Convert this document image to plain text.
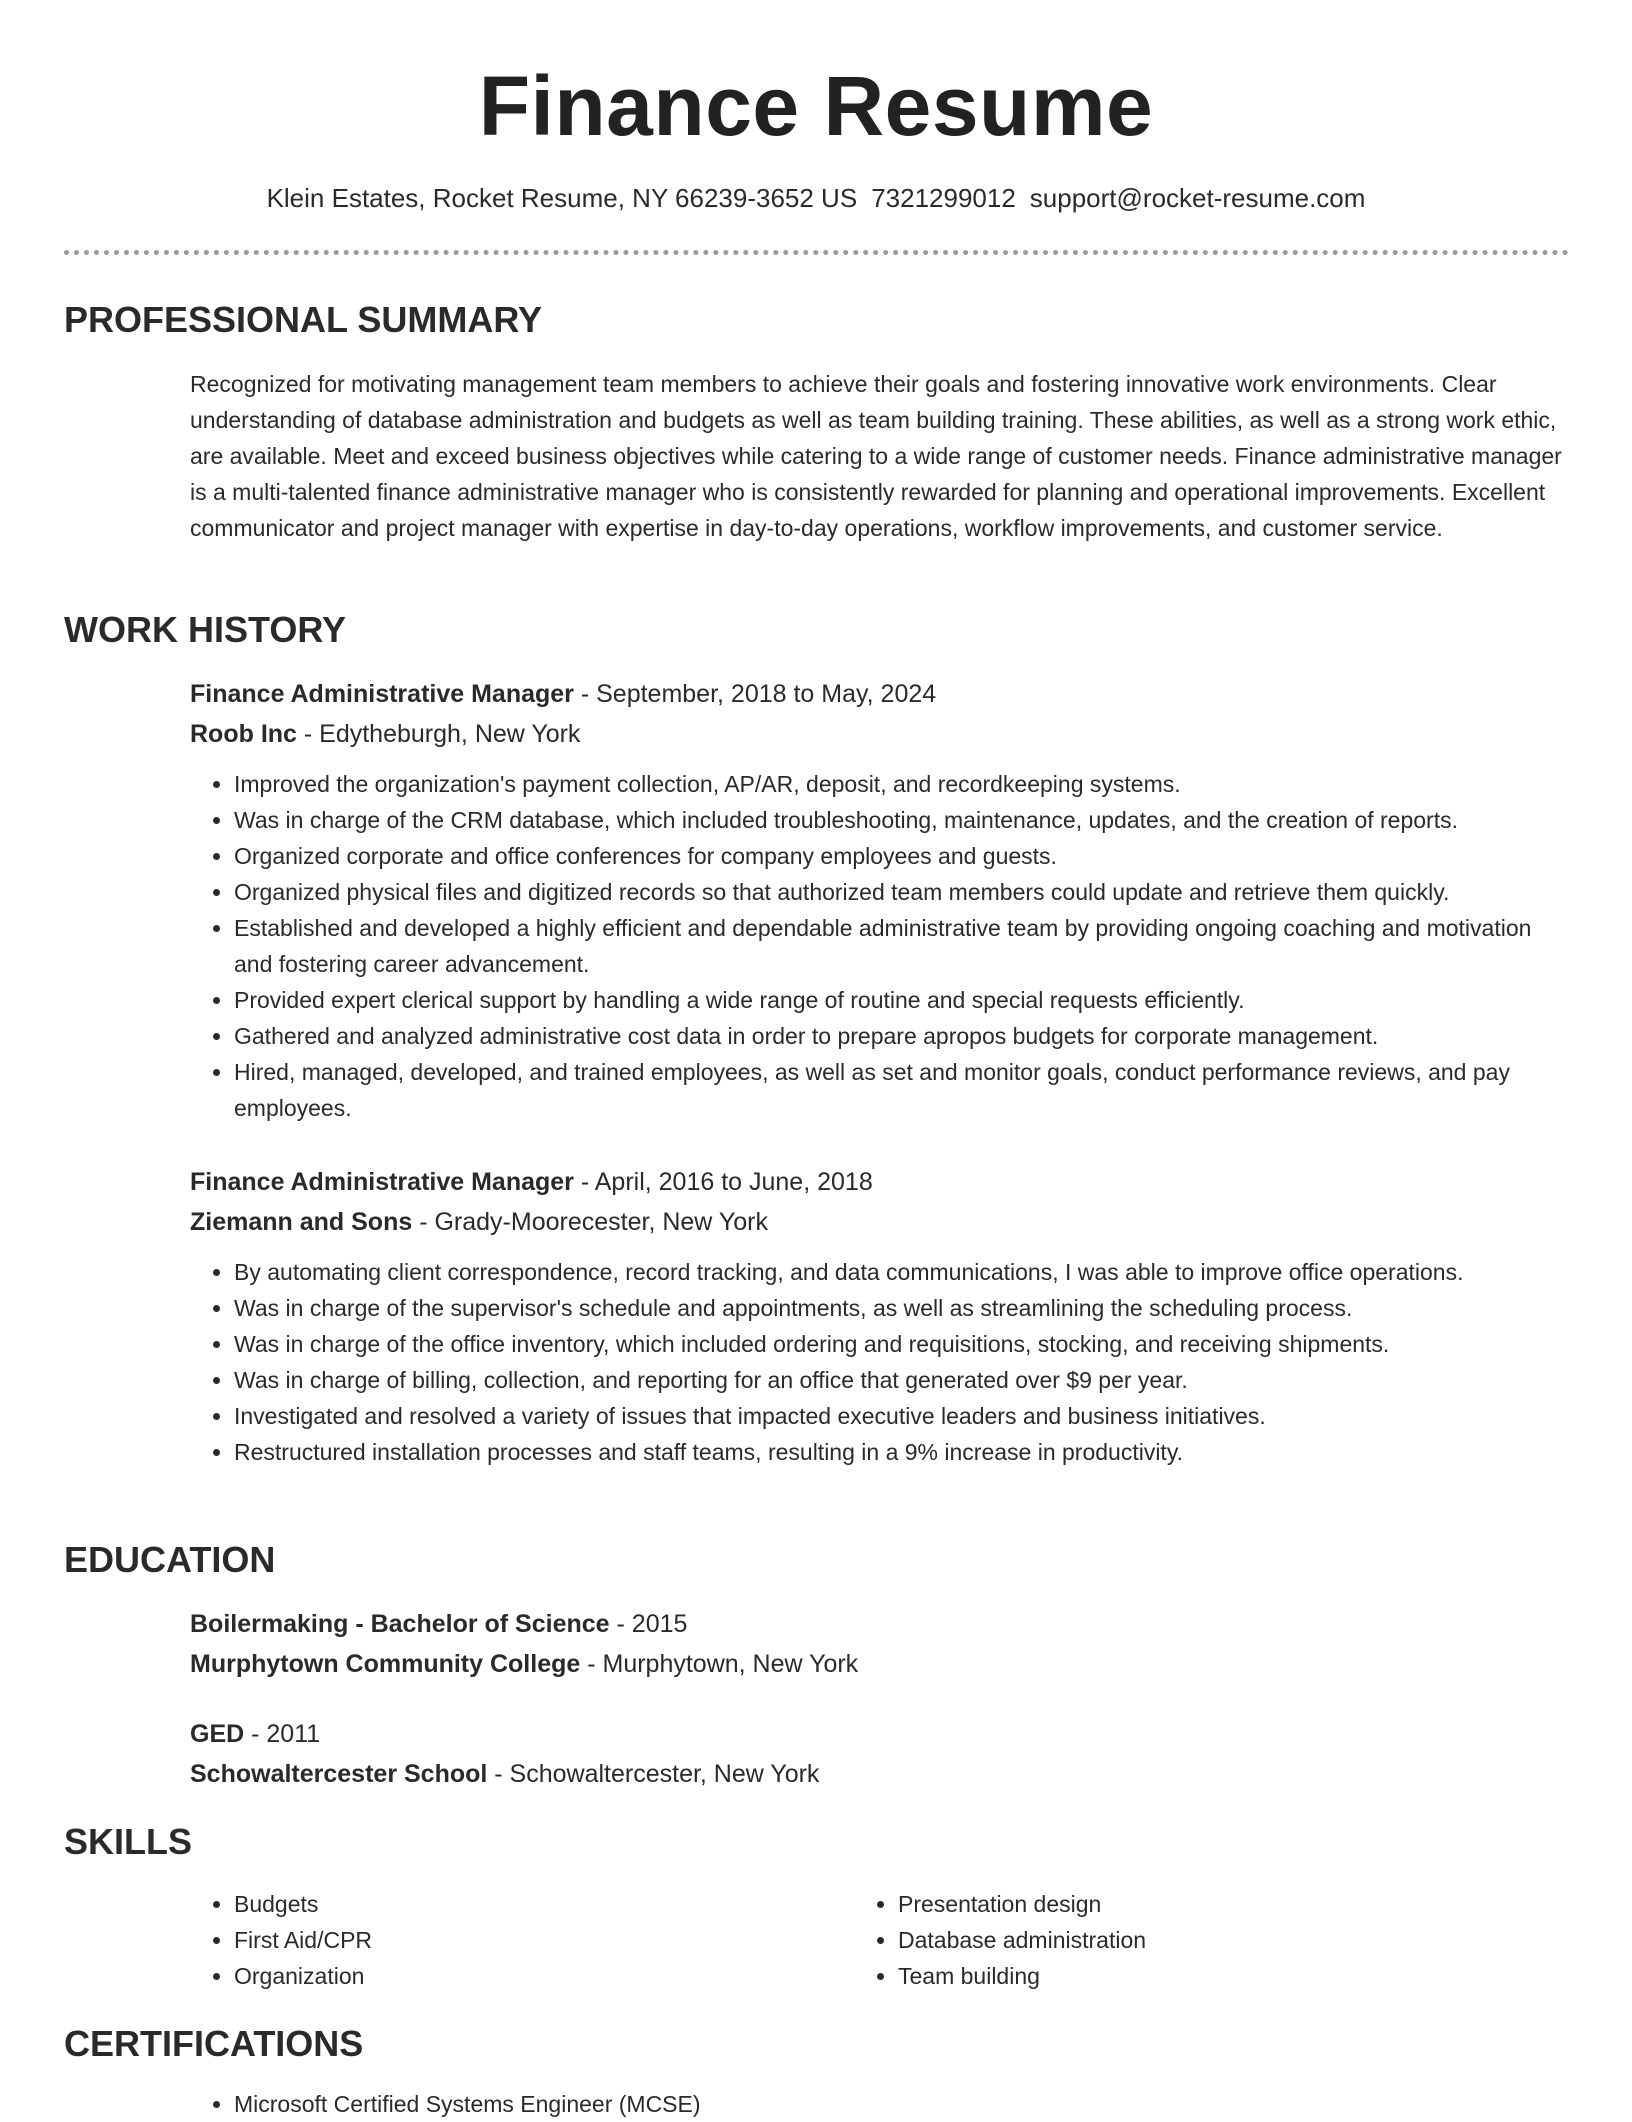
Finance Resume
Klein Estates, Rocket Resume, NY 66239-3652 US 7321299012 support@rocket-resume.com
PROFESSIONAL SUMMARY

Recognized for motivating management team members to achieve their goals and fostering innovative work environments. Clear understanding of database administration and budgets as well as team building training. These abilities, as well as a strong work ethic, are available. Meet and exceed business objectives while catering to a wide range of customer needs. Finance administrative manager is a multi-talented finance administrative manager who is consistently rewarded for planning and operational improvements. Excellent communicator and project manager with expertise in day-to-day operations, workflow improvements, and customer service.

WORK HISTORY

Finance Administrative Manager - September, 2018 to May, 2024

Roob Inc - Edytheburgh, New York

• Improved the organization's payment collection, AP/AR, deposit, and recordkeeping systems.
• Was in charge of the CRM database, which included troubleshooting, maintenance, updates, and the creation of reports.
• Organized corporate and office conferences for company employees and guests.
• Organized physical files and digitized records so that authorized team members could update and retrieve them quickly.
• Established and developed a highly efficient and dependable administrative team by providing ongoing coaching and motivation and fostering career advancement.
• Provided expert clerical support by handling a wide range of routine and special requests efficiently.
• Gathered and analyzed administrative cost data in order to prepare apropos budgets for corporate management.
• Hired, managed, developed, and trained employees, as well as set and monitor goals, conduct performance reviews, and pay employees.

Finance Administrative Manager - April, 2016 to June, 2018

Ziemann and Sons - Grady-Moorecester, New York

• By automating client correspondence, record tracking, and data communications, I was able to improve office operations.
• Was in charge of the supervisor's schedule and appointments, as well as streamlining the scheduling process.
• Was in charge of the office inventory, which included ordering and requisitions, stocking, and receiving shipments.
• Was in charge of billing, collection, and reporting for an office that generated over $9 per year.
• Investigated and resolved a variety of issues that impacted executive leaders and business initiatives.
• Restructured installation processes and staff teams, resulting in a 9% increase in productivity.
EDUCATION

Boilermaking - Bachelor of Science - 2015

Murphytown Community College - Murphytown, New York

GED - 2011

Schowaltercester School - Schowaltercester, New York

SKILLS
• Budgets
• First Aid/CPR
• Organization
• Presentation design
• Database administration
• Team building
CERTIFICATIONS
• Microsoft Certified Systems Engineer (MCSE)
